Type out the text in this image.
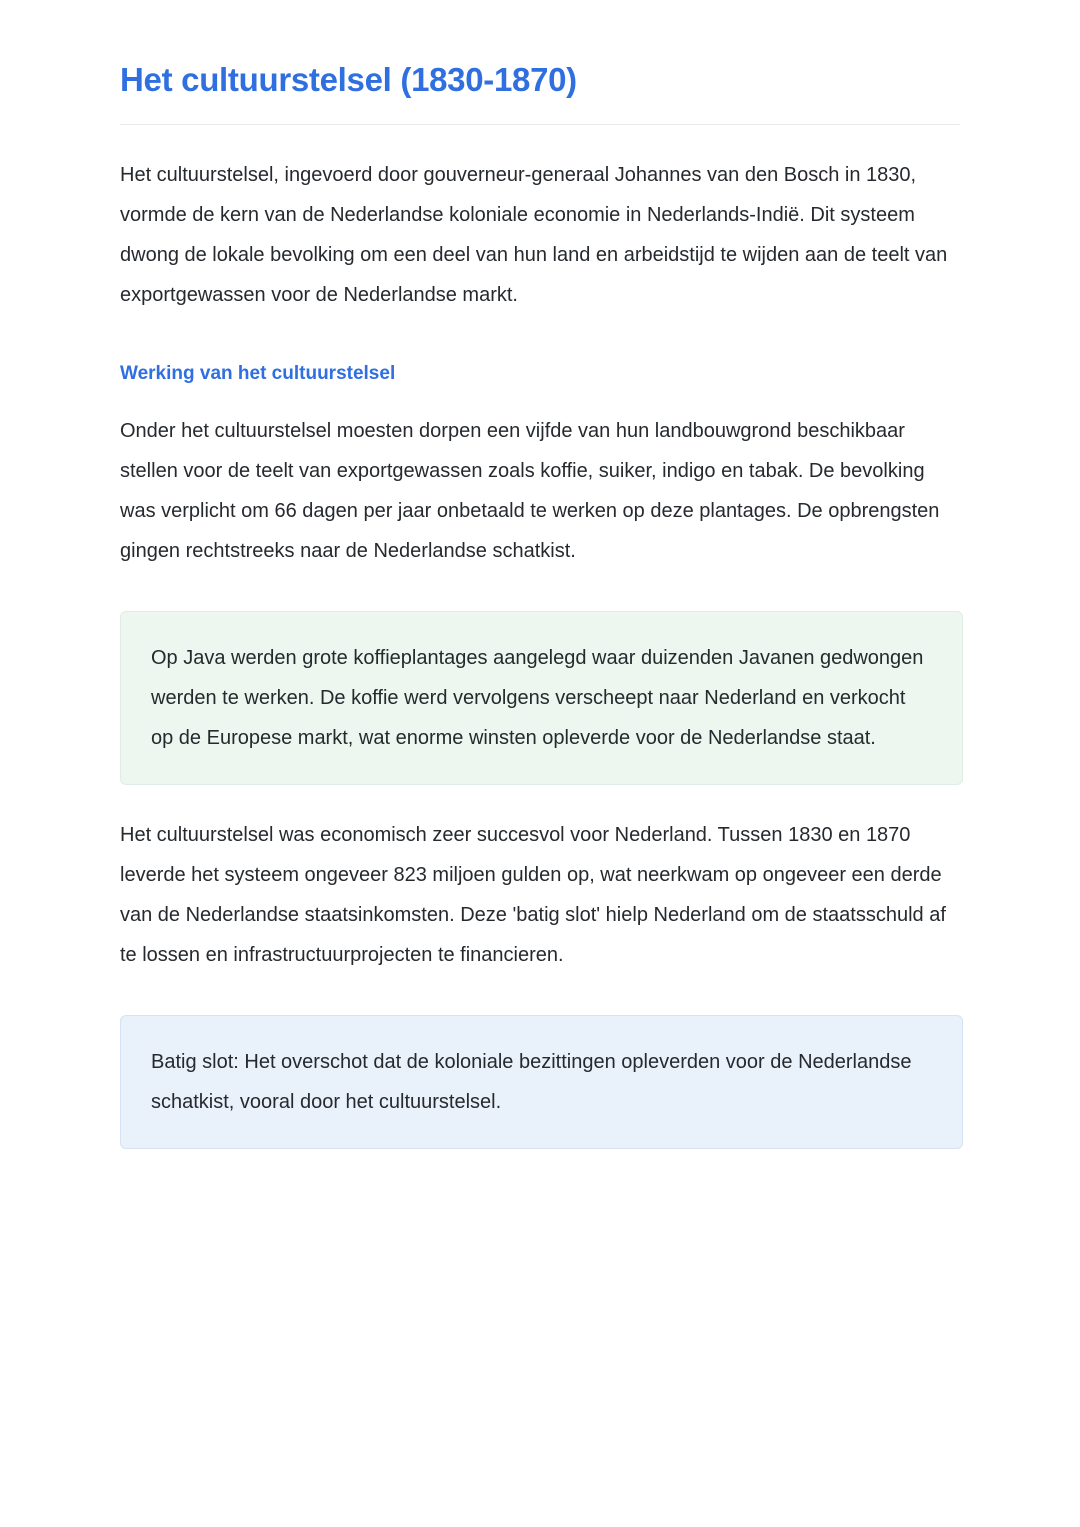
Het cultuurstelsel (1830-1870)

Het cultuurstelsel, ingevoerd door gouverneur-generaal Johannes van den Bosch in 1830, vormde de kern van de Nederlandse koloniale economie in Nederlands-Indië. Dit systeem dwong de lokale bevolking om een deel van hun land en arbeidstijd te wijden aan de teelt van exportgewassen voor de Nederlandse markt.

Werking van het cultuurstelsel

Onder het cultuurstelsel moesten dorpen een vijfde van hun landbouwgrond beschikbaar stellen voor de teelt van exportgewassen zoals koffie, suiker, indigo en tabak. De bevolking was verplicht om 66 dagen per jaar onbetaald te werken op deze plantages. De opbrengsten gingen rechtstreeks naar de Nederlandse schatkist.

Op Java werden grote koffieplantages aangelegd waar duizenden Javanen gedwongen werden te werken. De koffie werd vervolgens verscheept naar Nederland en verkocht op de Europese markt, wat enorme winsten opleverde voor de Nederlandse staat.

Het cultuurstelsel was economisch zeer succesvol voor Nederland. Tussen 1830 en 1870 leverde het systeem ongeveer 823 miljoen gulden op, wat neerkwam op ongeveer een derde van de Nederlandse staatsinkomsten. Deze 'batig slot' hielp Nederland om de staatsschuld af te lossen en infrastructuurprojecten te financieren.

Batig slot: Het overschot dat de koloniale bezittingen opleverden voor de Nederlandse schatkist, vooral door het cultuurstelsel.
